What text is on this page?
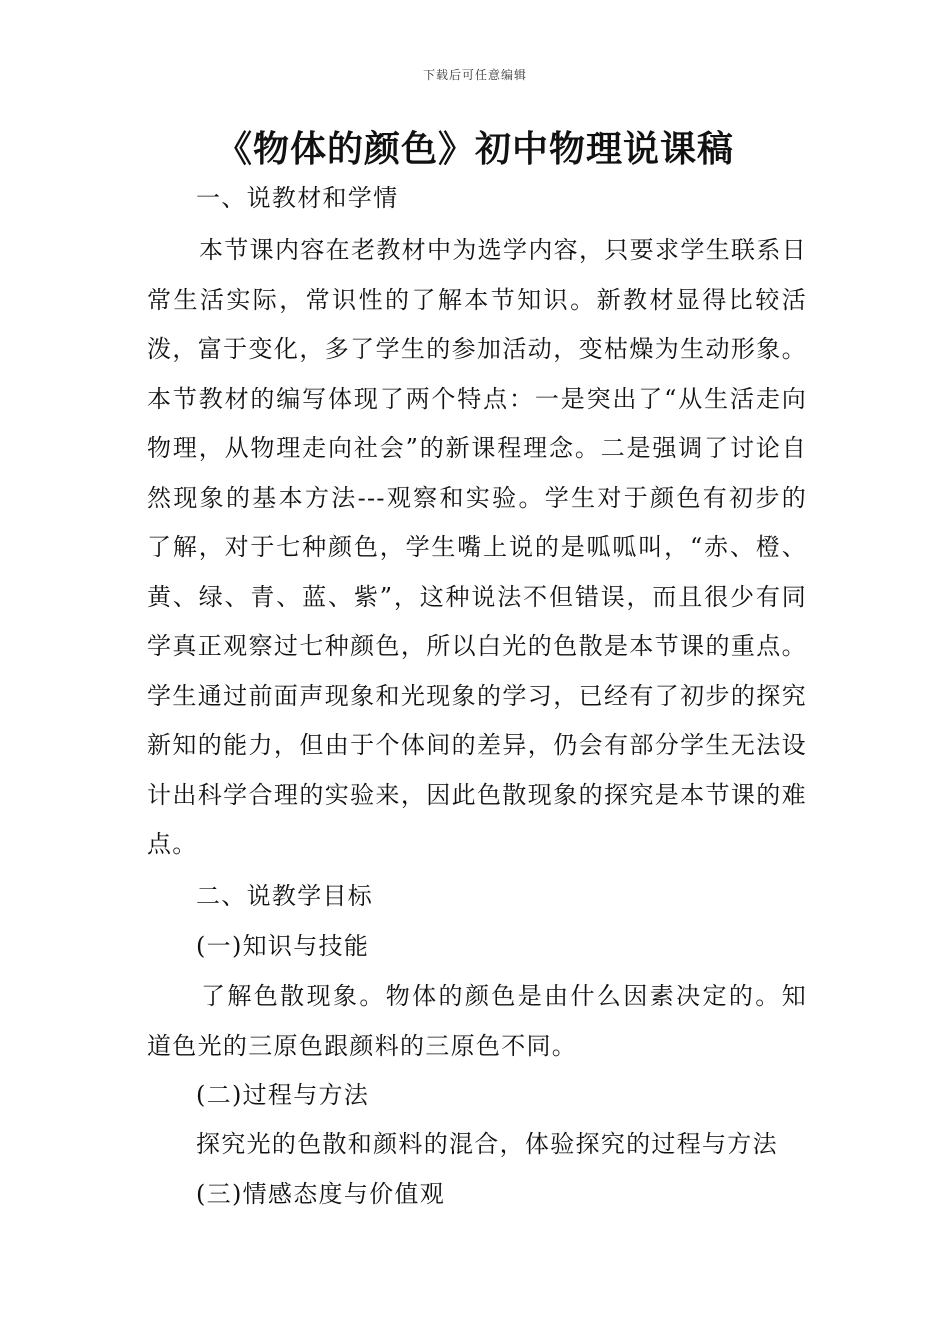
下载后可任意编辑
《物体的颜色》初中物理说课稿
一、说教材和学情
本节课内容在老教材中为选学内容，只要求学生联系日常生活实际，常识性的了解本节知识。新教材显得比较活泼，富于变化，多了学生的参加活动，变枯燥为生动形象。本节教材的编写体现了两个特点：一是突出了“从生活走向物理，从物理走向社会”的新课程理念。二是强调了讨论自然现象的基本方法---观察和实验。学生对于颜色有初步的了解，对于七种颜色，学生嘴上说的是呱呱叫，“赤、橙、黄、绿、青、蓝、紫”，这种说法不但错误，而且很少有同学真正观察过七种颜色，所以白光的色散是本节课的重点。学生通过前面声现象和光现象的学习，已经有了初步的探究新知的能力，但由于个体间的差异，仍会有部分学生无法设计出科学合理的实验来，因此色散现象的探究是本节课的难点。
二、说教学目标
(一)知识与技能
了解色散现象。物体的颜色是由什么因素决定的。知道色光的三原色跟颜料的三原色不同。
(二)过程与方法
探究光的色散和颜料的混合，体验探究的过程与方法
(三)情感态度与价值观
